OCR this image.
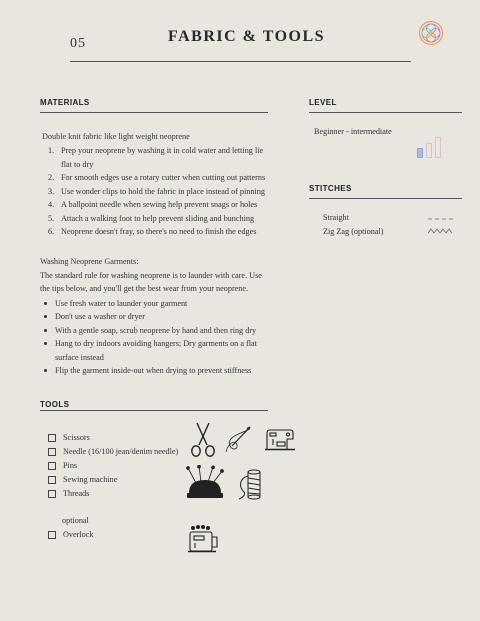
05	FABRIC & TOOLS
MATERIALS
Double knit fabric like light weight neoprene
1. Prep your neoprene by washing it in cold water and letting lie flat to dry
2. For smooth edges use a rotary cutter when cutting out patterns
3. Use wonder clips to hold the fabric in place instead of pinning
4. A ballpoint needle when sewing help prevent snags or holes
5. Attach a walking foot to help prevent sliding and bunching
6. Neoprene doesn't fray, so there's no need to finish the edges
Washing Neoprene Garments:
The standard rule for washing neoprene is to launder with care. Use the tips below, and you'll get the best wear from your neoprene.
Use fresh water to launder your garment
Don't use a washer or dryer
With a gentle soap, scrub neoprene by hand and then ring dry
Hang to dry indoors avoiding hangers; Dry garments on a flat surface instead
Flip the garment inside-out when drying to prevent stiffness
LEVEL
Beginner - intermediate
STITCHES
Straight
Zig Zag (optional)
TOOLS
Scissors
Needle (16/100 jean/denim needle)
Pins
Sewing machine
Threads
optional
Overlock
